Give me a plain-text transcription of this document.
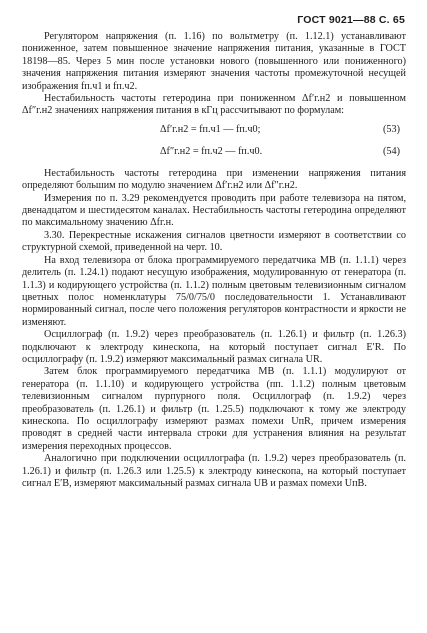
ГОСТ 9021—88 С. 65

Регулятором напряжения (п. 1.16) по вольтметру (п. 1.12.1) устанавливают пониженное, затем повышенное значение напряжения питания, указанные в ГОСТ 18198—85. Через 5 мин после установки нового (повышенного или пониженного) значения напряжения питания измеряют значения частоты промежуточной несущей изображения fп.ч1 и fп.ч2.

Нестабильность частоты гетеродина при пониженном Δf′г.н2 и повышенном Δf″г.н2 значениях напряжения питания в кГц рассчитывают по формулам:

Δf′г.н2 = fп.ч1 — fп.ч0;	(53)
Δf″г.н2 = fп.ч2 — fп.ч0.	(54)

Нестабильность частоты гетеродина при изменении напряжения питания определяют большим по модулю значением Δf′г.н2 или Δf″г.н2.

Измерения по п. 3.29 рекомендуется проводить при работе телевизора на пятом, двенадцатом и шестидесятом каналах. Нестабильность частоты гетеродина определяют по максимальному значению Δfг.н.

3.30. Перекрестные искажения сигналов цветности измеряют в соответствии со структурной схемой, приведенной на черт. 10.

На вход телевизора от блока программируемого передатчика МВ (п. 1.1.1) через делитель (п. 1.24.1) подают несущую изображения, модулированную от генератора (п. 1.1.3) и кодирующего устройства (п. 1.1.2) полным цветовым телевизионным сигналом цветных полос номенклатуры 75/0/75/0 последовательности 1. Устанавливают нормированный сигнал, после чего положения регуляторов контрастности и яркости не изменяют.

Осциллограф (п. 1.9.2) через преобразователь (п. 1.26.1) и фильтр (п. 1.26.3) подключают к электроду кинескопа, на который поступает сигнал E′R. По осциллографу (п. 1.9.2) измеряют максимальный размах сигнала UR.

Затем блок программируемого передатчика МВ (п. 1.1.1) модулируют от генератора (п. 1.1.10) и кодирующего устройства (пп. 1.1.2) полным цветовым телевизионным сигналом пурпурного поля. Осциллограф (п. 1.9.2) через преобразователь (п. 1.26.1) и фильтр (п. 1.25.5) подключают к тому же электроду кинескопа. По осциллографу измеряют размах помехи UпR, причем измерения проводят в средней части интервала строки для устранения влияния на результат измерения переходных процессов.

Аналогично при подключении осциллографа (п. 1.9.2) через преобразователь (п. 1.26.1) и фильтр (п. 1.26.3 или 1.25.5) к электроду кинескопа, на который поступает сигнал E′B, измеряют максимальный размах сигнала UB и размах помехи UпB.
